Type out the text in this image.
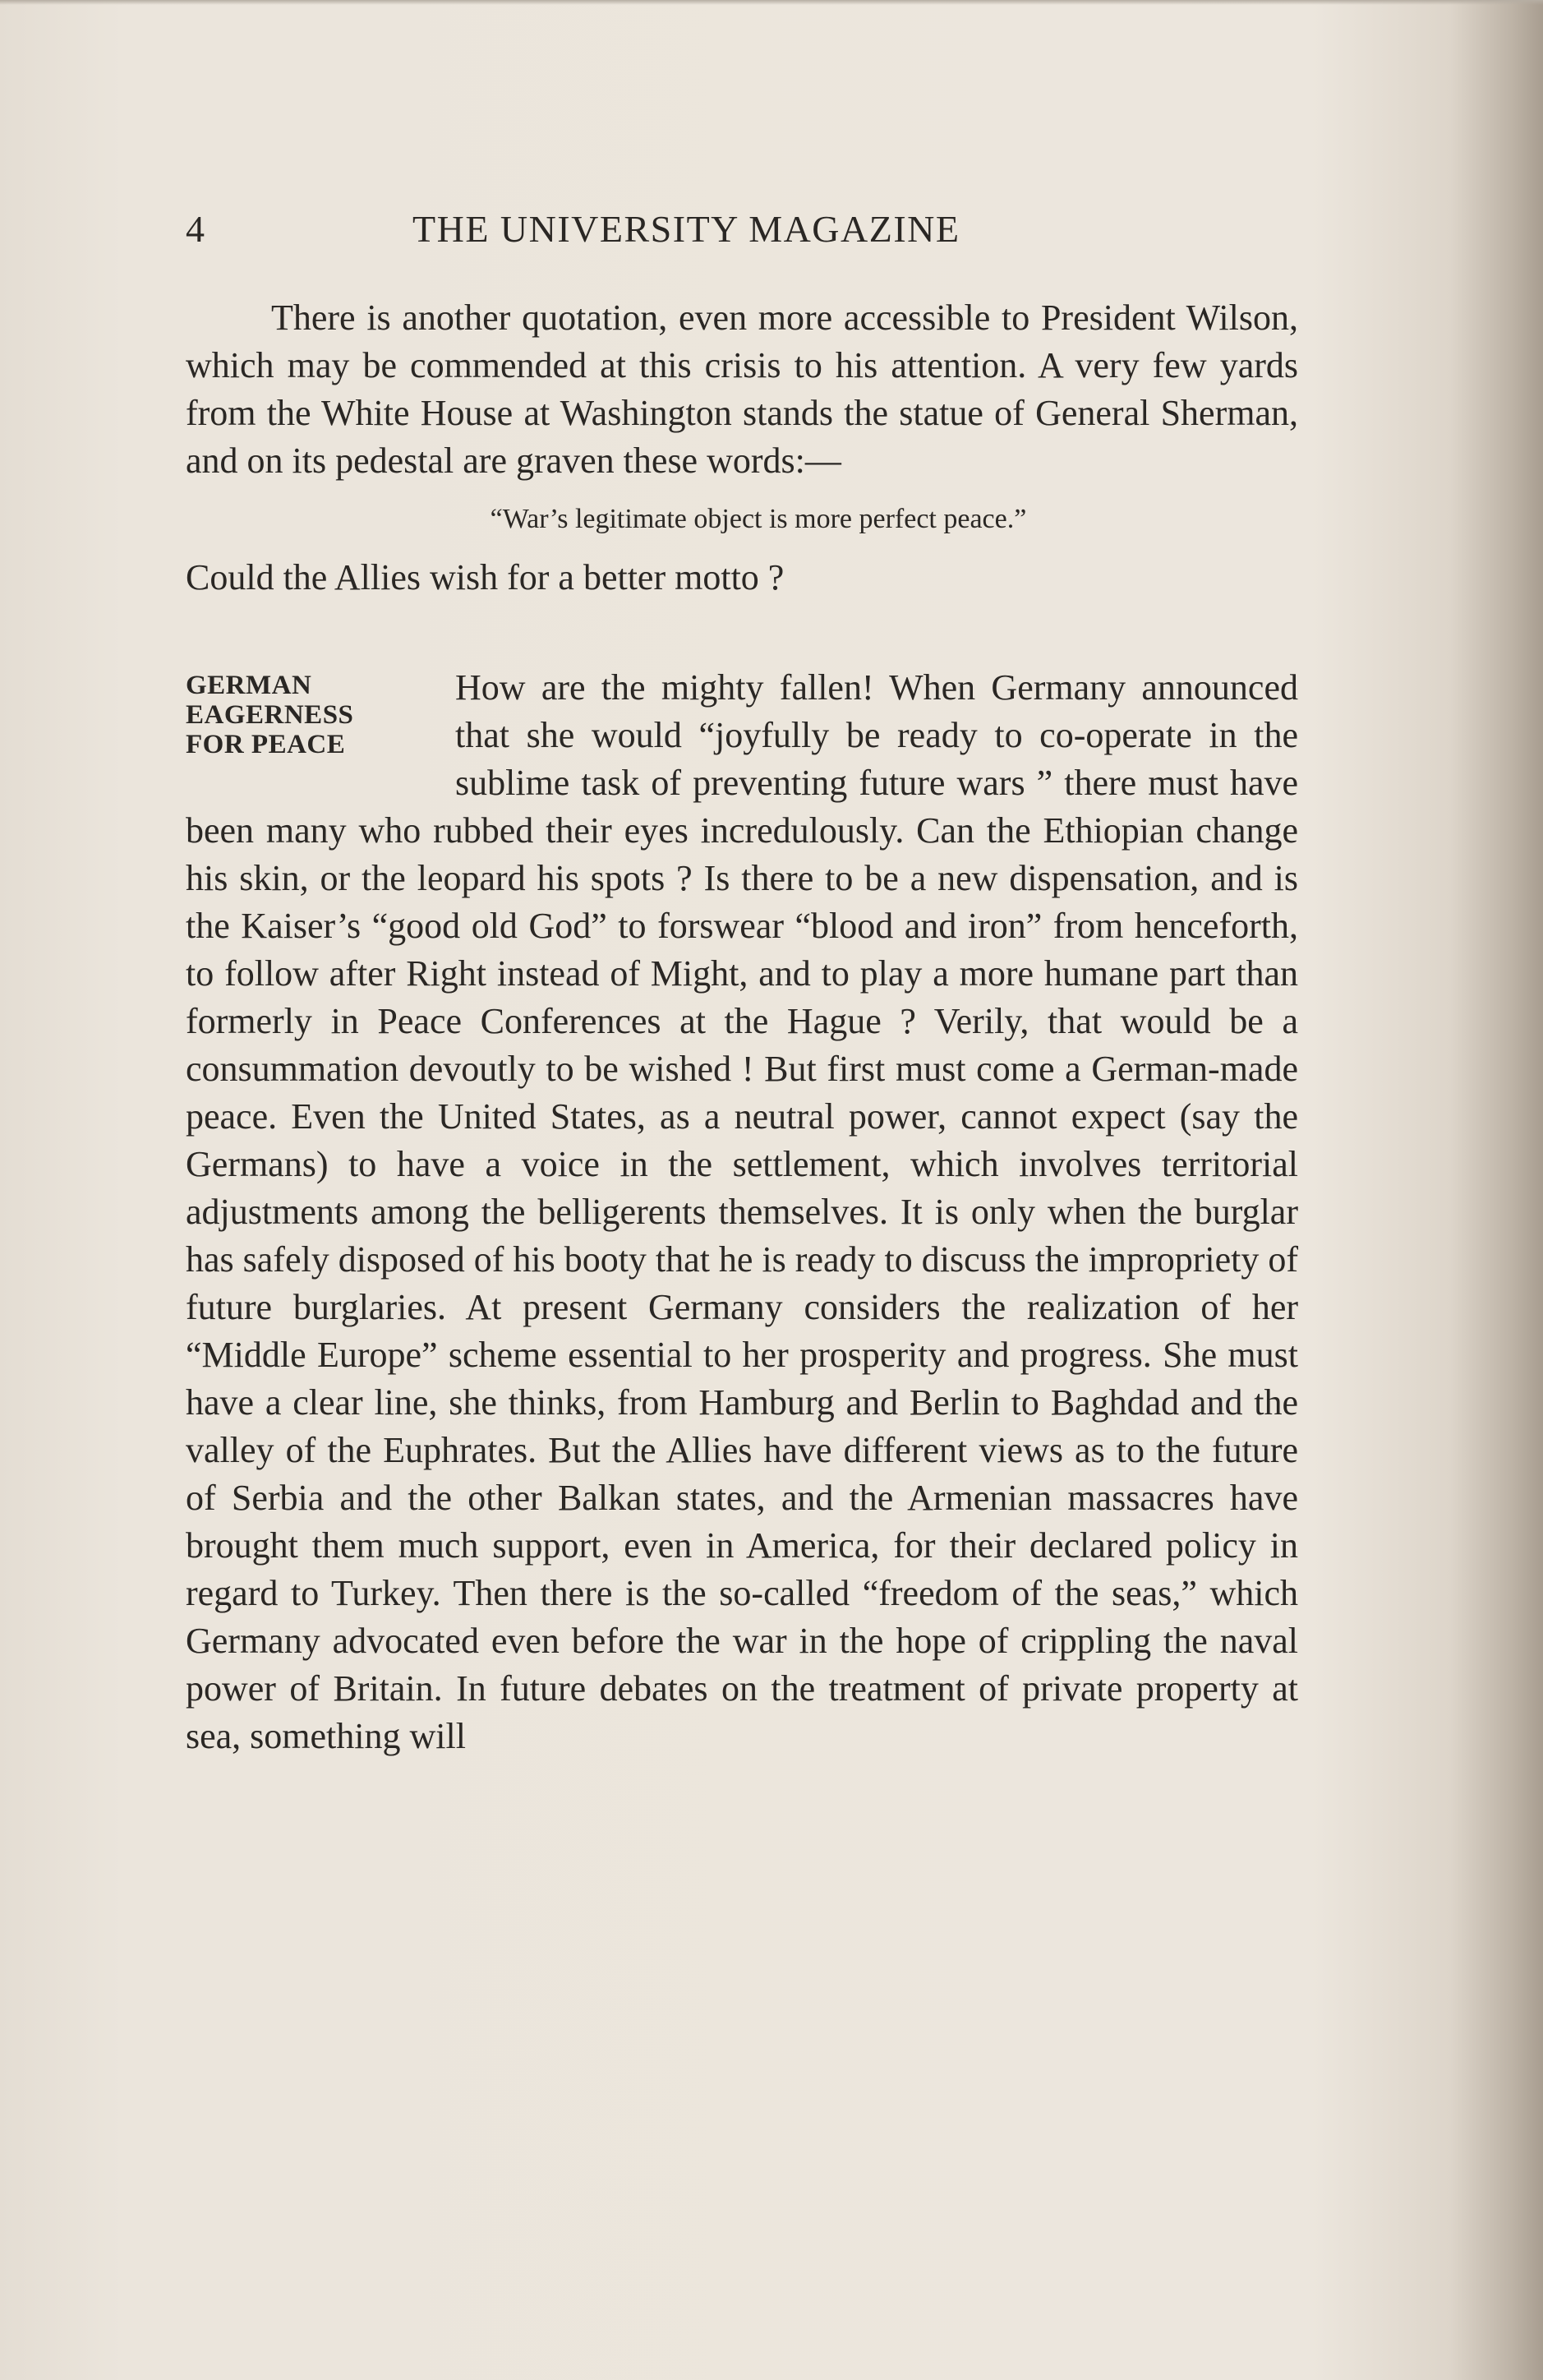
4	THE UNIVERSITY MAGAZINE

There is another quotation, even more accessible to President Wilson, which may be commended at this crisis to his attention. A very few yards from the White House at Washington stands the statue of General Sherman, and on its pedestal are graven these words:—

“War’s legitimate object is more perfect peace.”

Could the Allies wish for a better motto ?

GERMAN
EAGERNESS
FOR PEACE

How are the mighty fallen! When Germany announced that she would “joyfully be ready to co-operate in the sublime task of preventing future wars ” there must have been many who rubbed their eyes incredulously. Can the Ethiopian change his skin, or the leopard his spots ? Is there to be a new dispensation, and is the Kaiser’s “good old God” to forswear “blood and iron” from henceforth, to follow after Right instead of Might, and to play a more humane part than formerly in Peace Conferences at the Hague ? Verily, that would be a consummation devoutly to be wished ! But first must come a German-made peace. Even the United States, as a neutral power, cannot expect (say the Germans) to have a voice in the settlement, which involves territorial adjustments among the belligerents themselves. It is only when the burglar has safely disposed of his booty that he is ready to discuss the impropriety of future burglaries. At present Germany considers the realization of her “Middle Europe” scheme essential to her prosperity and progress. She must have a clear line, she thinks, from Hamburg and Berlin to Baghdad and the valley of the Euphrates. But the Allies have different views as to the future of Serbia and the other Balkan states, and the Armenian massacres have brought them much support, even in America, for their declared policy in regard to Turkey. Then there is the so-called “freedom of the seas,” which Germany advocated even before the war in the hope of crippling the naval power of Britain. In future debates on the treatment of private property at sea, something will
